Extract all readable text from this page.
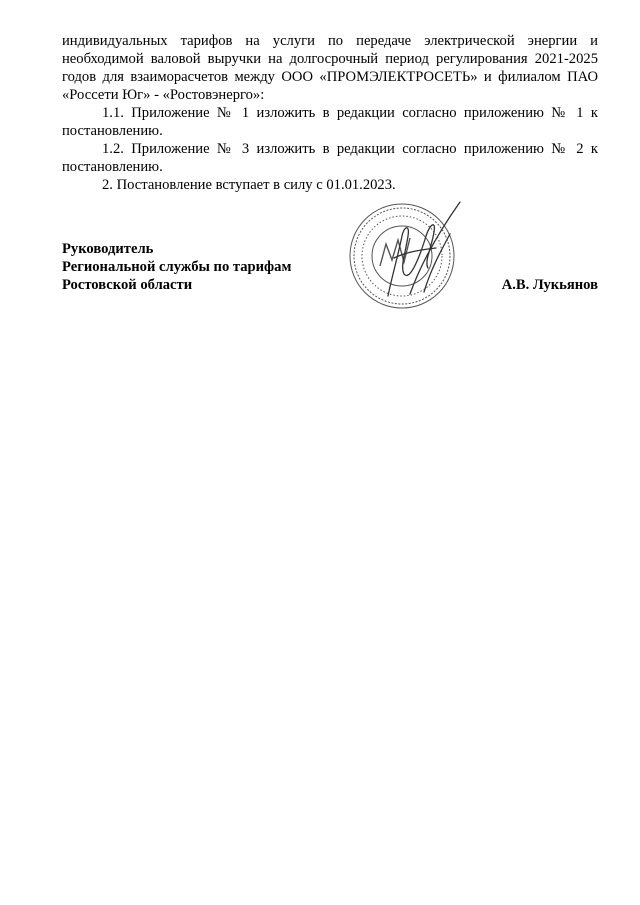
индивидуальных тарифов на услуги по передаче электрической энергии и необходимой валовой выручки на долгосрочный период регулирования 2021-2025 годов для взаиморасчетов между ООО «ПРОМЭЛЕКТРОСЕТЬ» и филиалом ПАО «Россети Юг» - «Ростовэнерго»:

1.1. Приложение № 1 изложить в редакции согласно приложению № 1 к постановлению.

1.2. Приложение № 3 изложить в редакции согласно приложению № 2 к постановлению.

2. Постановление вступает в силу с 01.01.2023.

Руководитель
Региональной службы по тарифам
Ростовской области	А.В. Лукьянов
